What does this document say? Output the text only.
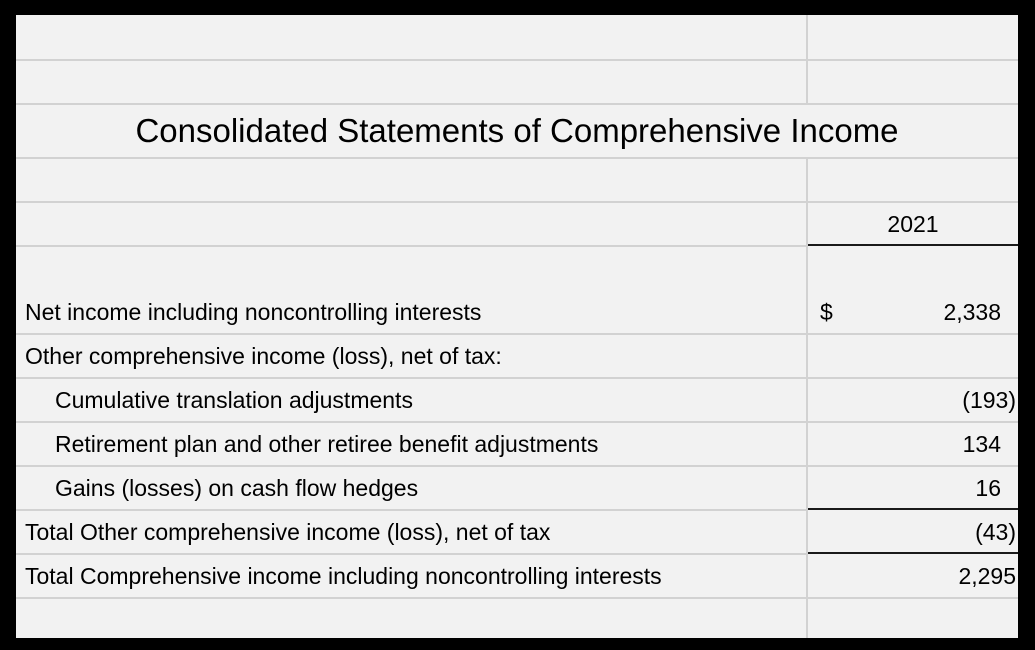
Consolidated Statements of Comprehensive Income
2021
Net income including noncontrolling interests	$	2,338
Other comprehensive income (loss), net of tax:
Cumulative translation adjustments	(193)
Retirement plan and other retiree benefit adjustments	134
Gains (losses) on cash flow hedges	16
Total Other comprehensive income (loss), net of tax	(43)
Total Comprehensive income including noncontrolling interests	2,295
